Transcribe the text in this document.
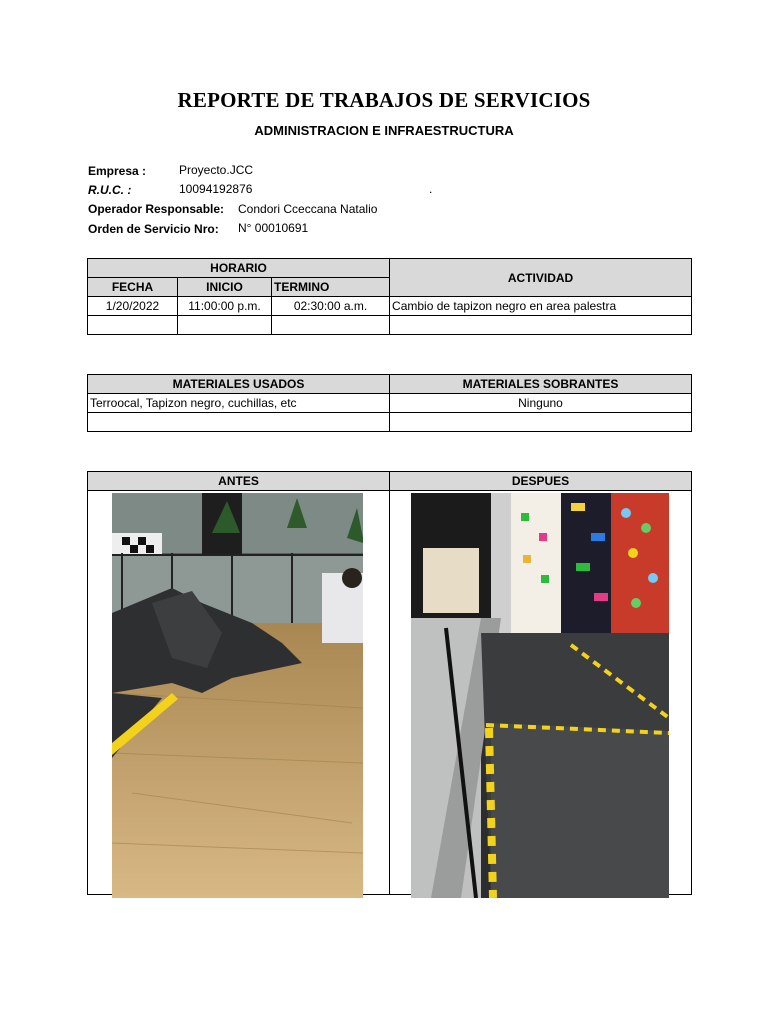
REPORTE DE TRABAJOS DE SERVICIOS
ADMINISTRACION E INFRAESTRUCTURA
Empresa :	Proyecto.JCC
R.U.C. :	10094192876	.
Operador Responsable: Condori Cceccana Natalio
Orden de Servicio Nro: N° 00010691
HORARIO			ACTIVIDAD
FECHA	INICIO	TERMINO	
1/20/2022	11:00:00 p.m.	02:30:00 a.m.	Cambio de tapizon negro en area palestra

MATERIALES USADOS	MATERIALES SOBRANTES
Terroocal, Tapizon negro, cuchillas, etc	Ninguno

ANTES	DESPUES
